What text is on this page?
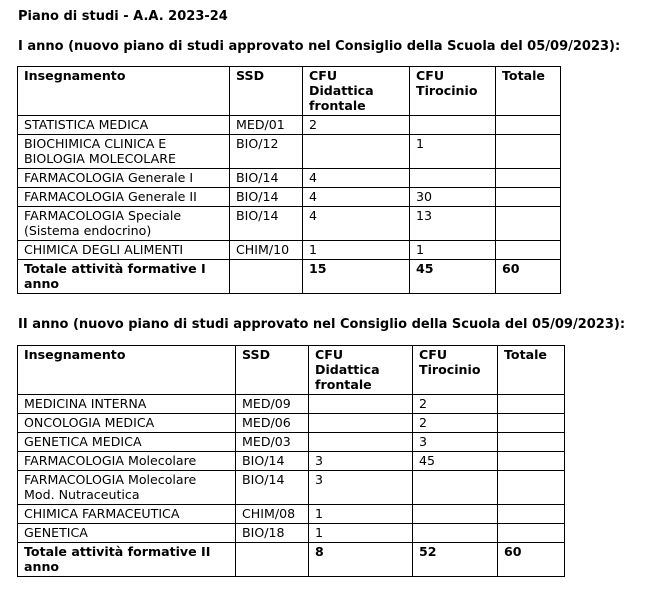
Piano di studi - A.A. 2023-24
I anno (nuovo piano di studi approvato nel Consiglio della Scuola del 05/09/2023):
Insegnamento	SSD	CFU Didattica frontale	CFU Tirocinio	Totale
STATISTICA MEDICA	MED/01	2		
BIOCHIMICA CLINICA E BIOLOGIA MOLECOLARE	BIO/12		1	
FARMACOLOGIA Generale I	BIO/14	4		
FARMACOLOGIA Generale II	BIO/14	4	30	
FARMACOLOGIA Speciale (Sistema endocrino)	BIO/14	4	13	
CHIMICA DEGLI ALIMENTI	CHIM/10	1	1	
Totale attività formative I anno		15	45	60
II anno (nuovo piano di studi approvato nel Consiglio della Scuola del 05/09/2023):
Insegnamento	SSD	CFU Didattica frontale	CFU Tirocinio	Totale
MEDICINA INTERNA	MED/09		2	
ONCOLOGIA MEDICA	MED/06		2	
GENETICA MEDICA	MED/03		3	
FARMACOLOGIA Molecolare	BIO/14	3	45	
FARMACOLOGIA Molecolare Mod. Nutraceutica	BIO/14	3		
CHIMICA FARMACEUTICA	CHIM/08	1		
GENETICA	BIO/18	1		
Totale attività formative II anno		8	52	60
